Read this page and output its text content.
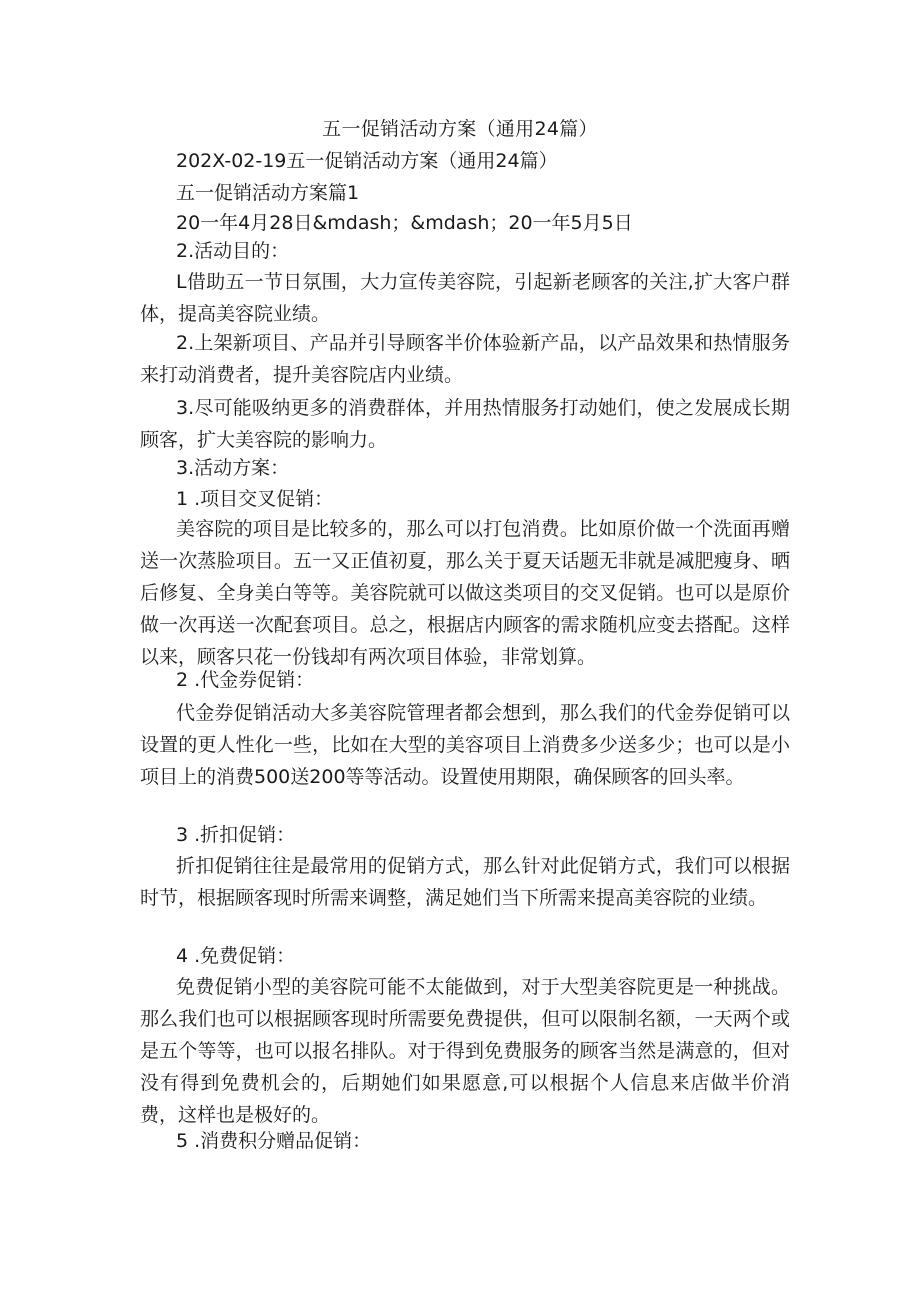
五一促销活动方案（通用24篇）
202X-02-19五一促销活动方案（通用24篇）
五一促销活动方案篇1
20一年4月28日&mdash；&mdash；20一年5月5日
2.活动目的：
L借助五一节日氛围，大力宣传美容院，引起新老顾客的关注,扩大客户群体，提高美容院业绩。
2.上架新项目、产品并引导顾客半价体验新产品，以产品效果和热情服务来打动消费者，提升美容院店内业绩。
3.尽可能吸纳更多的消费群体，并用热情服务打动她们，使之发展成长期顾客，扩大美容院的影响力。
3.活动方案：
1 .项目交叉促销：
美容院的项目是比较多的，那么可以打包消费。比如原价做一个洗面再赠送一次蒸脸项目。五一又正值初夏，那么关于夏天话题无非就是减肥瘦身、晒后修复、全身美白等等。美容院就可以做这类项目的交叉促销。也可以是原价做一次再送一次配套项目。总之，根据店内顾客的需求随机应变去搭配。这样以来，顾客只花一份钱却有两次项目体验，非常划算。
2 .代金券促销：
代金券促销活动大多美容院管理者都会想到，那么我们的代金券促销可以设置的更人性化一些，比如在大型的美容项目上消费多少送多少；也可以是小项目上的消费500送200等等活动。设置使用期限，确保顾客的回头率。
3 .折扣促销：
折扣促销往往是最常用的促销方式，那么针对此促销方式，我们可以根据时节，根据顾客现时所需来调整，满足她们当下所需来提高美容院的业绩。
4 .免费促销：
免费促销小型的美容院可能不太能做到，对于大型美容院更是一种挑战。那么我们也可以根据顾客现时所需要免费提供，但可以限制名额，一天两个或是五个等等，也可以报名排队。对于得到免费服务的顾客当然是满意的，但对没有得到免费机会的，后期她们如果愿意,可以根据个人信息来店做半价消费，这样也是极好的。
5 .消费积分赠品促销：
